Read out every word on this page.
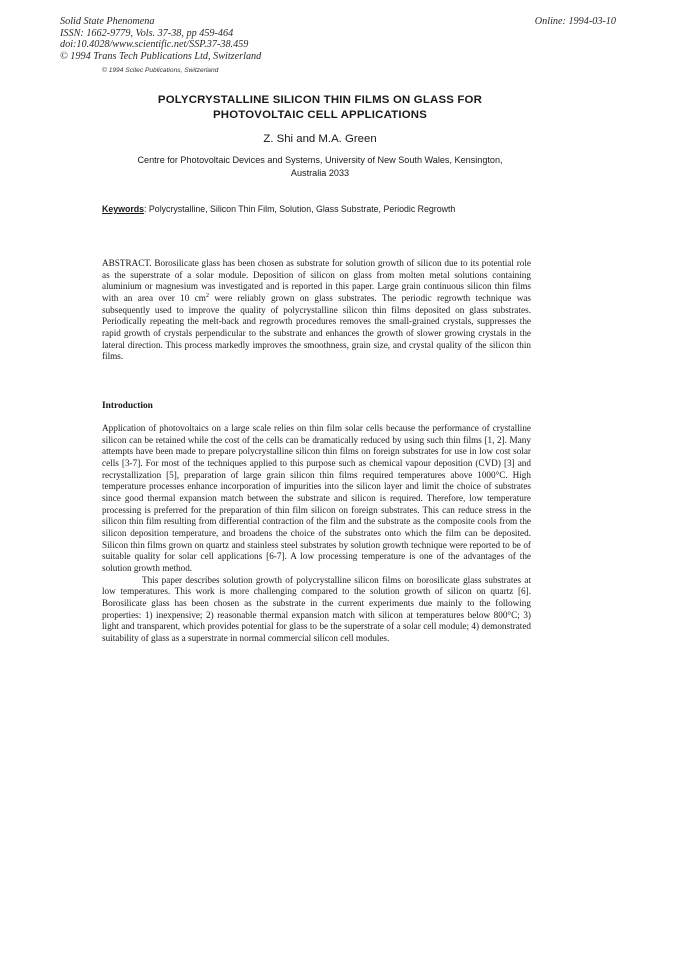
Solid State Phenomena
ISSN: 1662-9779, Vols. 37-38, pp 459-464
doi:10.4028/www.scientific.net/SSP.37-38.459
© 1994 Trans Tech Publications Ltd, Switzerland
Online: 1994-03-10
© 1994 Scitec Publications, Switzerland
POLYCRYSTALLINE SILICON THIN FILMS ON GLASS FOR
PHOTOVOLTAIC CELL APPLICATIONS
Z. Shi and M.A. Green
Centre for Photovoltaic Devices and Systems, University of New South Wales, Kensington,
Australia 2033
Keywords: Polycrystalline, Silicon Thin Film, Solution, Glass Substrate, Periodic Regrowth
ABSTRACT. Borosilicate glass has been chosen as substrate for solution growth of silicon due to its potential role as the superstrate of a solar module. Deposition of silicon on glass from molten metal solutions containing aluminium or magnesium was investigated and is reported in this paper. Large grain continuous silicon thin films with an area over 10 $cm^2$ were reliably grown on glass substrates. The periodic regrowth technique was subsequently used to improve the quality of polycrystalline silicon thin films deposited on glass substrates. Periodically repeating the melt-back and regrowth procedures removes the small-grained crystals, suppresses the rapid growth of crystals perpendicular to the substrate and enhances the growth of slower growing crystals in the lateral direction. This process markedly improves the smoothness, grain size, and crystal quality of the silicon thin films.
Introduction

Application of photovoltaics on a large scale relies on thin film solar cells because the performance of crystalline silicon can be retained while the cost of the cells can be dramatically reduced by using such thin films [1, 2]. Many attempts have been made to prepare polycrystalline silicon thin films on foreign substrates for use in low cost solar cells [3-7]. For most of the techniques applied to this purpose such as chemical vapour deposition (CVD) [3] and recrystallization [5], preparation of large grain silicon thin films required temperatures above 1000°C. High temperature processes enhance incorporation of impurities into the silicon layer and limit the choice of substrates since good thermal expansion match between the substrate and silicon is required. Therefore, low temperature processing is preferred for the preparation of thin film silicon on foreign substrates. This can reduce stress in the silicon thin film resulting from differential contraction of the film and the substrate as the composite cools from the silicon deposition temperature, and broadens the choice of the substrates onto which the film can be deposited. Silicon thin films grown on quartz and stainless steel substrates by solution growth technique were reported to be of suitable quality for solar cell applications [6-7]. A low processing temperature is one of the advantages of the solution growth method.

This paper describes solution growth of polycrystalline silicon films on borosilicate glass substrates at low temperatures. This work is more challenging compared to the solution growth of silicon on quartz [6]. Borosilicate glass has been chosen as the substrate in the current experiments due mainly to the following properties: 1) inexpensive; 2) reasonable thermal expansion match with silicon at temperatures below 800°C; 3) light and transparent, which provides potential for glass to be the superstrate of a solar cell module; 4) demonstrated suitability of glass as a superstrate in normal commercial silicon cell modules.
